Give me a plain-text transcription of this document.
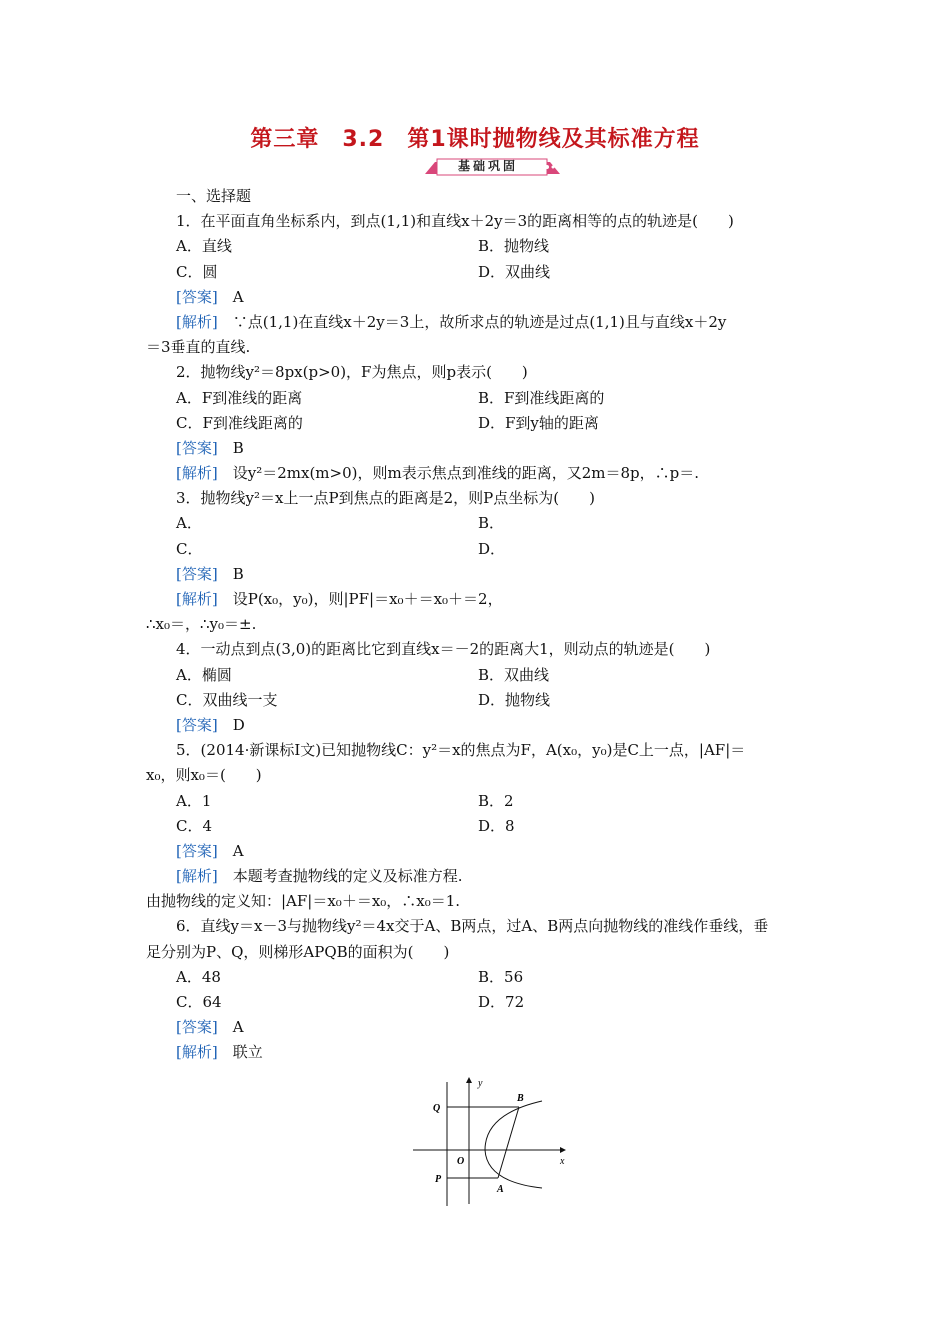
第三章　3.2　第1课时抛物线及其标准方程
基础巩固
一、选择题
1．在平面直角坐标系内，到点(1,1)和直线x＋2y＝3的距离相等的点的轨迹是(　　)
A．直线	B．抛物线
C．圆	D．双曲线
[答案]　 A
[解析]　 ∵点(1,1)在直线x＋2y＝3上，故所求点的轨迹是过点(1,1)且与直线x＋2y
＝3垂直的直线.
2．抛物线y²＝8px(p>0)，F为焦点，则p表示(　　)
A．F到准线的距离	B．F到准线距离的
C．F到准线距离的	D．F到y轴的距离
[答案]　 B
[解析]　 设y²＝2mx(m>0)，则m表示焦点到准线的距离，又2m＝8p，∴p＝.
3．抛物线y²＝x上一点P到焦点的距离是2，则P点坐标为(　　)
A．	B．
C．	D．
[答案]　 B
[解析]　 设P(x₀，y₀)，则|PF|＝x₀＋＝x₀＋＝2，
∴x₀＝，∴y₀＝±.
4．一动点到点(3,0)的距离比它到直线x＝－2的距离大1，则动点的轨迹是(　　)
A．椭圆	B．双曲线
C．双曲线一支	D．抛物线
[答案]　 D
5．(2014·新课标Ⅰ文)已知抛物线C：y²＝x的焦点为F，A(x₀，y₀)是C上一点，|AF|＝
x₀，则x₀＝(　　)
A．1	B．2
C．4	D．8
[答案]　 A
[解析]　 本题考查抛物线的定义及标准方程.
由抛物线的定义知：|AF|＝x₀＋＝x₀，∴x₀＝1.
6．直线y＝x－3与抛物线y²＝4x交于A、B两点，过A、B两点向抛物线的准线作垂线，垂
足分别为P、Q，则梯形APQB的面积为(　　)
A．48	B．56
C．64	D．72
[答案]　 A
[解析]　 联立
y
x
O
Q
P
B
A
